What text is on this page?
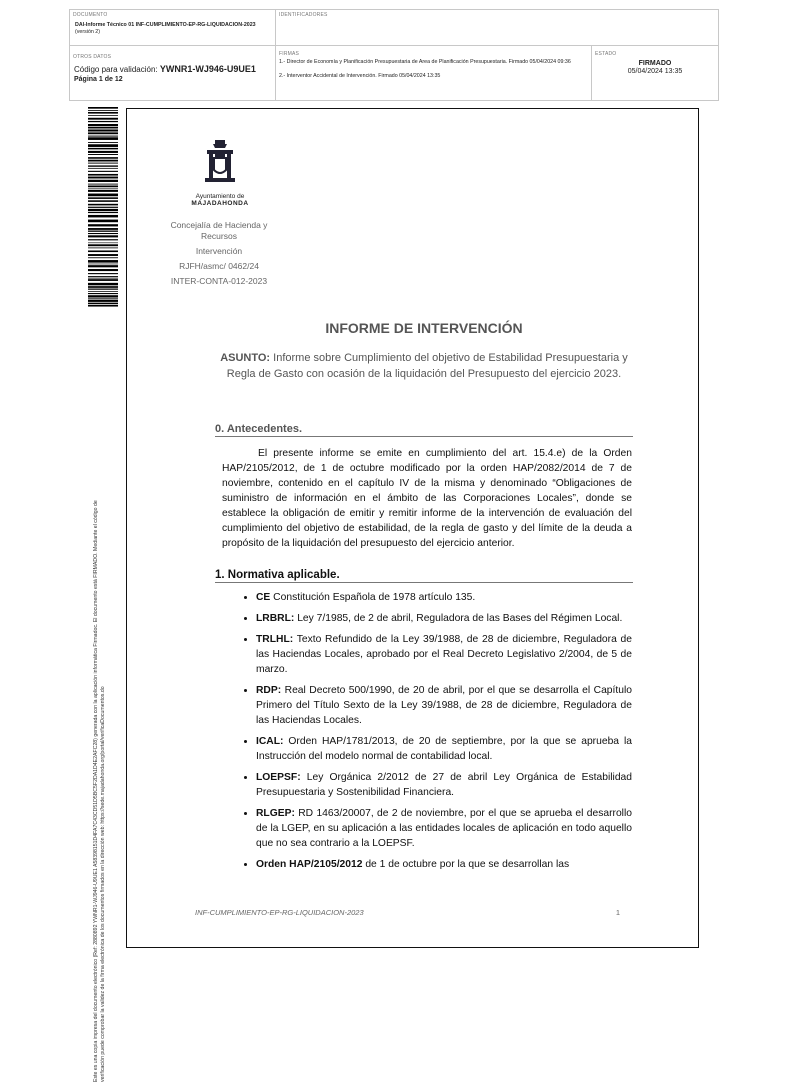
DOCUMENTO
DAI-Informe Técnico 01 INF-CUMPLIMIENTO-EP-RG-LIQUIDACION-2023
(versión 2)
IDENTIFICADORES
OTROS DATOS
Código para validación: YWNR1-WJ946-U9UE1
Página 1 de 12
FIRMAS
1.- Director de Economía y Planificación Presupuestaria de Area de Planificación Presupuestaria. Firmado 05/04/2024 09:36
2.- Interventor Accidental de Intervención. Firmado 05/04/2024 13:35
ESTADO
FIRMADO
05/04/2024 13:35
Este es una copia impresa del documento electrónico (Ref: 2880892 YWNR1-WJ946-U9UE1 A58398151D4FA7C43CD51D5BC5F2DA1D4E2AFC28) generada con la aplicación informática Firmadoc. El documento está FIRMADO. Mediante el código de verificación puede comprobar la validez de la firma electrónica de los documentos firmados en la dirección web: https://sede.majadahonda.org/portal/verificaDocumentos.do
Ayuntamiento de
MAJADAHONDA
Concejalía de Hacienda y Recursos
Intervención
RJFH/asmc/ 0462/24
INTER-CONTA-012-2023
INFORME DE INTERVENCIÓN
ASUNTO: Informe sobre Cumplimiento del objetivo de Estabilidad Presupuestaria y Regla de Gasto con ocasión de la liquidación del Presupuesto del ejercicio 2023.
0. Antecedentes.
El presente informe se emite en cumplimiento del art. 15.4.e) de la Orden HAP/2105/2012, de 1 de octubre modificado por la orden HAP/2082/2014 de 7 de noviembre, contenido en el capítulo IV de la misma y denominado “Obligaciones de suministro de información en el ámbito de las Corporaciones Locales”, donde se establece la obligación de emitir y remitir informe de la intervención de evaluación del cumplimiento del objetivo de estabilidad, de la regla de gasto y del límite de la deuda a propósito de la liquidación del presupuesto del ejercicio anterior.
1. Normativa aplicable.
• CE Constitución Española de 1978 artículo 135.
• LRBRL: Ley 7/1985, de 2 de abril, Reguladora de las Bases del Régimen Local.
• TRLHL: Texto Refundido de la Ley 39/1988, de 28 de diciembre, Reguladora de las Haciendas Locales, aprobado por el Real Decreto Legislativo 2/2004, de 5 de marzo.
• RDP: Real Decreto 500/1990, de 20 de abril, por el que se desarrolla el Capítulo Primero del Título Sexto de la Ley 39/1988, de 28 de diciembre, Reguladora de las Haciendas Locales.
• ICAL: Orden HAP/1781/2013, de 20 de septiembre, por la que se aprueba la Instrucción del modelo normal de contabilidad local.
• LOEPSF: Ley Orgánica 2/2012 de 27 de abril Ley Orgánica de Estabilidad Presupuestaria y Sostenibilidad Financiera.
• RLGEP: RD 1463/20007, de 2 de noviembre, por el que se aprueba el desarrollo de la LGEP, en su aplicación a las entidades locales de aplicación en todo aquello que no sea contrario a la LOEPSF.
• Orden HAP/2105/2012 de 1 de octubre por la que se desarrollan las
INF-CUMPLIMIENTO-EP-RG-LIQUIDACION-2023	1
